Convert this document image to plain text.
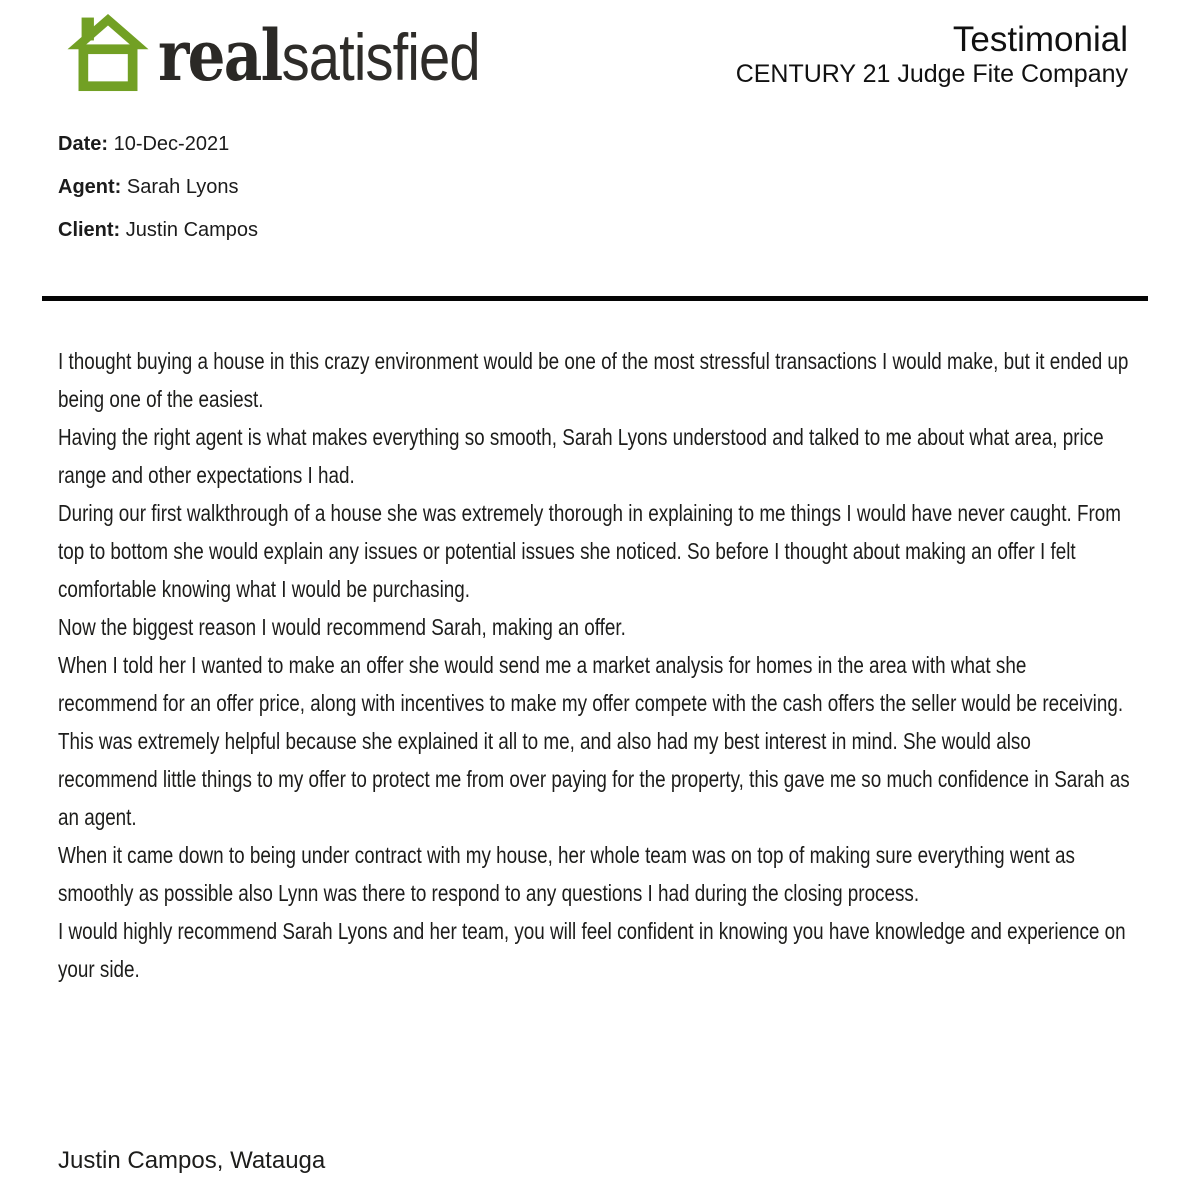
real satisfied	Testimonial
CENTURY 21 Judge Fite Company
Date: 10-Dec-2021
Agent: Sarah Lyons
Client: Justin Campos

I thought buying a house in this crazy environment would be one of the most stressful transactions I would make, but it ended up being one of the easiest.

Having the right agent is what makes everything so smooth, Sarah Lyons understood and talked to me about what area, price range and other expectations I had.

During our first walkthrough of a house she was extremely thorough in explaining to me things I would have never caught. From top to bottom she would explain any issues or potential issues she noticed. So before I thought about making an offer I felt comfortable knowing what I would be purchasing.

Now the biggest reason I would recommend Sarah, making an offer.

When I told her I wanted to make an offer she would send me a market analysis for homes in the area with what she recommend for an offer price, along with incentives to make my offer compete with the cash offers the seller would be receiving. This was extremely helpful because she explained it all to me, and also had my best interest in mind. She would also recommend little things to my offer to protect me from over paying for the property, this gave me so much confidence in Sarah as an agent.

When it came down to being under contract with my house, her whole team was on top of making sure everything went as smoothly as possible also Lynn was there to respond to any questions I had during the closing process.

I would highly recommend Sarah Lyons and her team, you will feel confident in knowing you have knowledge and experience on your side.

Justin Campos, Watauga
